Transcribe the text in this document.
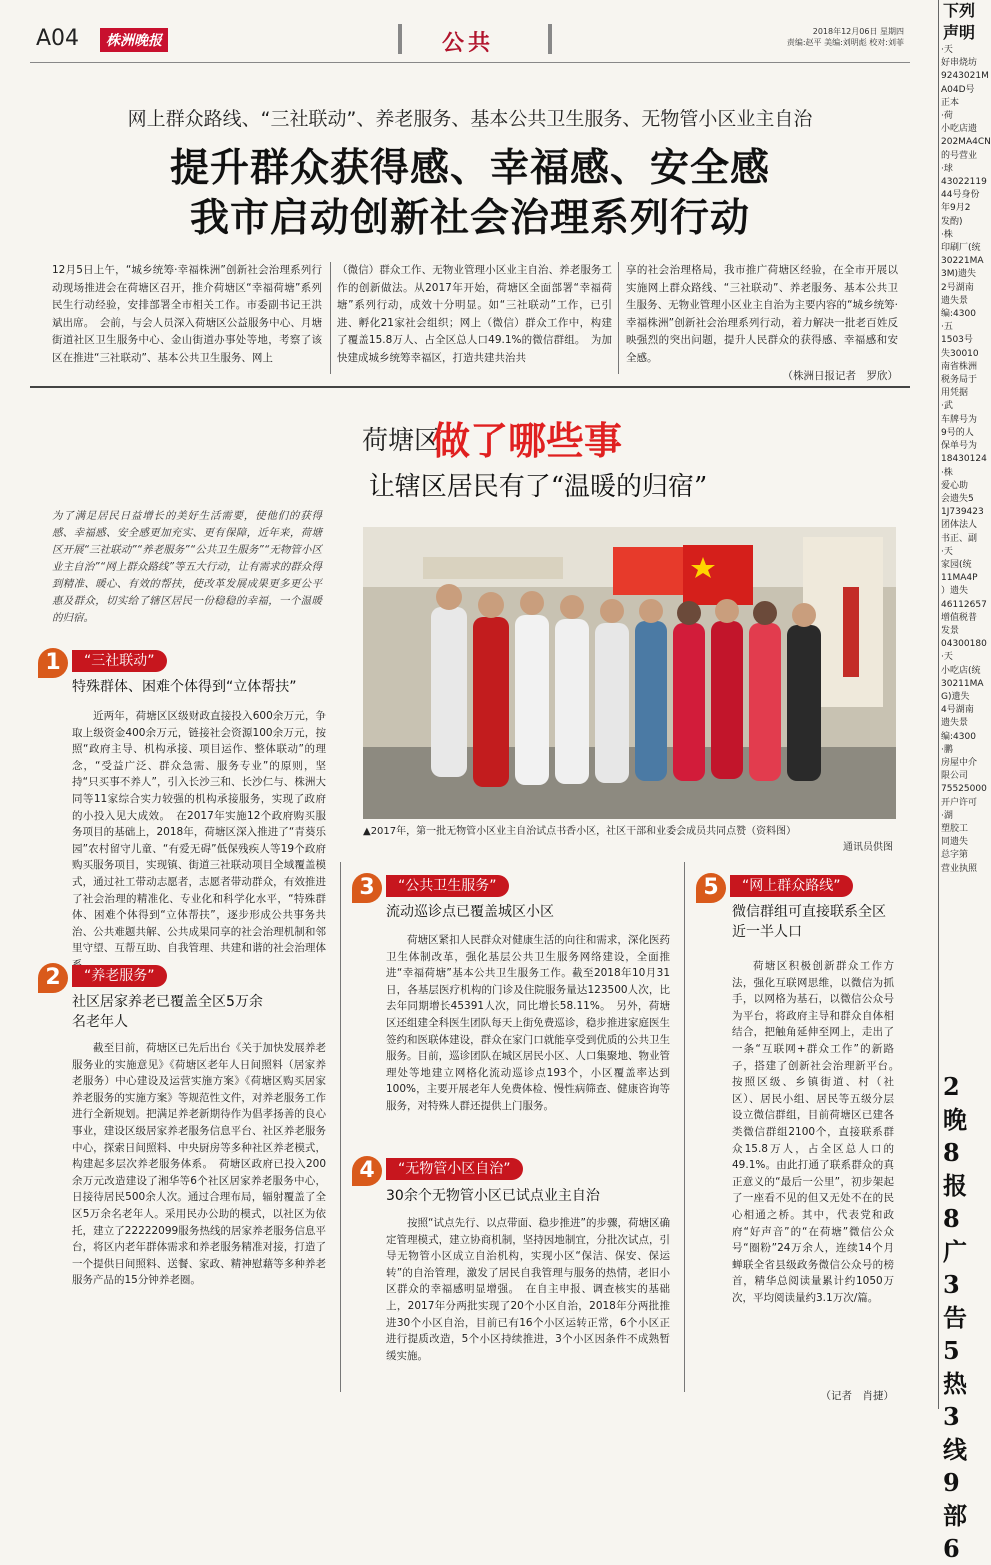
A04	株洲晚报	公共	2018年12月06日 星期四
责编:赵平 美编:刘明彪 校对:刘菲
网上群众路线、“三社联动”、养老服务、基本公共卫生服务、无物管小区业主自治
提升群众获得感、幸福感、安全感
我市启动创新社会治理系列行动
12月5日上午，“城乡统筹·幸福株洲”创新社会治理系列行动现场推进会在荷塘区召开，推介荷塘区“幸福荷塘”系列民生行动经验，安排部署全市相关工作。市委副书记王洪斌出席。　会前，与会人员深入荷塘区公益服务中心、月塘街道社区卫生服务中心、金山街道办事处等地，考察了该区在推进“三社联动”、基本公共卫生服务、网上
（微信）群众工作、无物业管理小区业主自治、养老服务工作的创新做法。从2017年开始，荷塘区全面部署“幸福荷塘”系列行动，成效十分明显。如“三社联动”工作，已引进、孵化21家社会组织；网上（微信）群众工作中，构建了覆盖15.8万人、占全区总人口49.1%的微信群组。　为加快建成城乡统筹幸福区，打造共建共治共
享的社会治理格局，我市推广荷塘区经验，在全市开展以实施网上群众路线、“三社联动”、养老服务、基本公共卫生服务、无物业管理小区业主自治为主要内容的“城乡统筹·幸福株洲”创新社会治理系列行动，着力解决一批老百姓反映强烈的突出问题，提升人民群众的获得感、幸福感和安全感。
（株洲日报记者　罗欣）
荷塘区
做了哪些事
让辖区居民有了“温暖的归宿”
为了满足居民日益增长的美好生活需要，使他们的获得感、幸福感、安全感更加充实、更有保障，近年来，荷塘区开展“三社联动”“养老服务”“公共卫生服务”“无物管小区业主自治”“网上群众路线”等五大行动，让有需求的群众得到精准、暖心、有效的帮扶，使改革发展成果更多更公平惠及群众，切实给了辖区居民一份稳稳的幸福，一个温暖的归宿。
▲2017年，第一批无物管小区业主自治试点书香小区，社区干部和业委会成员共同点赞（资料图）
通讯员供图
1	“三社联动”
特殊群体、困难个体得到“立体帮扶”
近两年，荷塘区区级财政直接投入600余万元，争取上级资金400余万元，链接社会资源100余万元，按照“政府主导、机构承接、项目运作、整体联动”的理念，“受益广泛、群众急需、服务专业”的原则，坚持“只买事不养人”，引入长沙三和、长沙仁与、株洲大同等11家综合实力较强的机构承接服务，实现了政府的小投入见大成效。　在2017年实施12个政府购买服务项目的基础上，2018年，荷塘区深入推进了“青葵乐园”农村留守儿童、“有爱无碍”低保残疾人等19个政府购买服务项目，实现镇、街道三社联动项目全域覆盖模式，通过社工带动志愿者，志愿者带动群众，有效推进了社会治理的精准化、专业化和科学化水平，“特殊群体、困难个体得到“立体帮扶”，逐步形成公共事务共治、公共难题共解、公共成果同享的社会治理机制和邻里守望、互帮互助、自我管理、共建和谐的社会治理体
2	“养老服务”
社区居家养老已覆盖全区5万余名老年人
截至目前，荷塘区已先后出台《关于加快发展养老服务业的实施意见》《荷塘区老年人日间照料（居家养老服务）中心建设及运营实施方案》《荷塘区购买居家养老服务的实施方案》等规范性文件，对养老服务工作进行全新规划。把满足养老新期待作为倡孝扬善的良心事业，建设区级居家养老服务信息平台、社区养老服务中心，探索日间照料、中央厨房等多种社区养老模式，构建起多层次养老服务体系。　荷塘区政府已投入200余万元改造建设了湘华等6个社区居家养老服务中心，日接待居民500余人次。通过合理布局，辐射覆盖了全区5万余名老年人。采用民办公助的模式，以社区为依托，建立了22222099服务热线的居家养老服务信息平台，将区内老年群体需求和养老服务精准对接，打造了一个提供日间照料、送餐、家政、精神慰藉等多种养老服务产品的15分钟养老圈。
3	“公共卫生服务”
流动巡诊点已覆盖城区小区
荷塘区紧扣人民群众对健康生活的向往和需求，深化医药卫生体制改革，强化基层公共卫生服务网络建设，全面推进“幸福荷塘”基本公共卫生服务工作。截至2018年10月31日，各基层医疗机构的门诊及住院服务量达123500人次，比去年同期增长45391人次，同比增长58.11%。　另外，荷塘区还组建全科医生团队每天上街免费巡诊，稳步推进家庭医生签约和医联体建设，群众在家门口就能享受到优质的公共卫生服务。目前，巡诊团队在城区居民小区、人口集聚地、物业管理处等地建立网格化流动巡诊点193个，小区覆盖率达到100%，主要开展老年人免费体检、慢性病筛查、健康咨询等服务，对特殊人群还提供上门服务。
4	“无物管小区自治”
30余个无物管小区已试点业主自治
按照“试点先行、以点带面、稳步推进”的步骤，荷塘区确定管理模式，建立协商机制，坚持因地制宜，分批次试点，引导无物管小区成立自治机构，实现小区“保洁、保安、保运转”的自治管理，激发了居民自我管理与服务的热情，老旧小区群众的幸福感明显增强。　在自主申报、调查核实的基础上，2017年分两批实现了20个小区自治，2018年分两批推进30个小区自治，目前已有16个小区运转正常，6个小区正进行提质改造，5个小区持续推进，3个小区因条件不成熟暂缓实施。
5	“网上群众路线”
微信群组可直接联系全区近一半人口
荷塘区积极创新群众工作方法，强化互联网思维，以微信为抓手，以网格为基石，以微信公众号为平台，将政府主导和群众自体相结合，把触角延伸至网上，走出了一条“互联网+群众工作”的新路子，搭建了创新社会治理新平台。　按照区级、乡镇街道、村（社区）、居民小组、居民等五级分层设立微信群组，目前荷塘区已建各类微信群组2100个，直接联系群众15.8万人，占全区总人口的49.1%。由此打通了联系群众的真正意义的“最后一公里”，初步架起了一座看不见的但又无处不在的民心相通之桥。其中，代表党和政府“好声音”的“在荷塘”微信公众号“圈粉”24万余人，连续14个月蝉联全省县级政务微信公众号的榜首，精华总阅读量累计约1050万次，平均阅读量约3.1万次/篇。
（记者　肖捷）
下列
声明
·天
好串烧坊
9243021M
A04D号
正本
·荷
小吃店遗
202MA4CN
的号营业
·球
43022119
44号身份
年9月2
发酌)
·株
印刷厂(统
30221MA
3M)遗失
2号湖南
遗失景
编:4300
·五
1503号
失30010
南省株洲
税务局于
用凭据
·武
车牌号为
9号的人
保单号为
18430124
·株
爱心助
会遗失5
1J739423
团体法人
书正、副
·天
家园(统
11MA4P
）遗失
46112657
增值税普
发景
04300180
·天
小吃店(统
30211MA
G)遗失
4号湖南
遗失景
编:4300
·鹏
房屋中介
限公司
75525000
开户许可
·湖
塑胶工
同遗失
总字第
营业执照
2晚8报8广3告5热3线9部6
